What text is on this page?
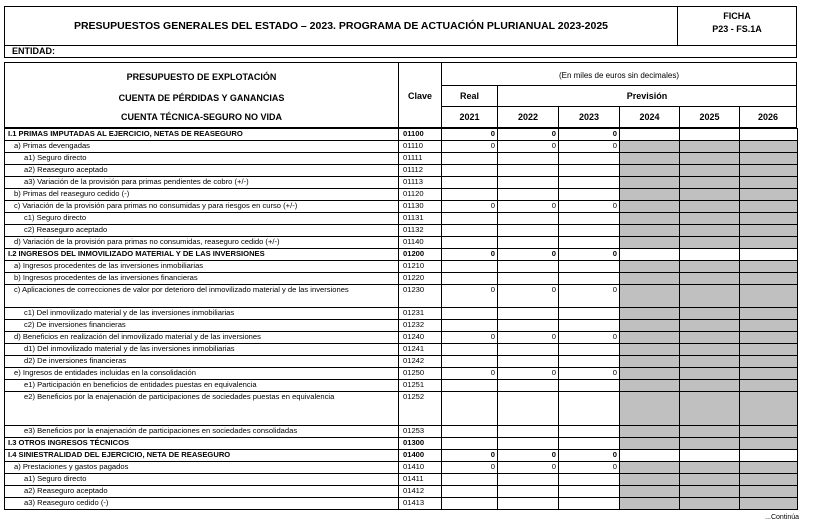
PRESUPUESTOS GENERALES DEL ESTADO – 2023. PROGRAMA DE ACTUACIÓN PLURIANUAL 2023-2025
FICHA
P23 - FS.1A
ENTIDAD:
PRESUPUESTO DE EXPLOTACIÓN
CUENTA DE PÉRDIDAS Y GANANCIAS
CUENTA TÉCNICA-SEGURO NO VIDA
Clave
(En miles de euros sin decimales)
Real	Previsión
2021	2022	2023	2024	2025	2026
I.1 PRIMAS IMPUTADAS AL EJERCICIO, NETAS DE REASEGURO	01100	0	0	0			
a) Primas devengadas	01110	0	0	0			
a1) Seguro directo	01111						
a2) Reaseguro aceptado	01112						
a3) Variación de la provisión para primas pendientes de cobro (+/-)	01113						
b) Primas del reaseguro cedido (-)	01120						
c) Variación de la provisión para primas no consumidas y para riesgos en curso (+/-)	01130	0	0	0			
c1) Seguro directo	01131						
c2) Reaseguro aceptado	01132						
d) Variación de la provisión para primas no consumidas, reaseguro cedido (+/-)	01140						
I.2 INGRESOS DEL INMOVILIZADO MATERIAL Y DE LAS INVERSIONES	01200	0	0	0			
a) Ingresos procedentes de las inversiones inmobiliarias	01210						
b) Ingresos procedentes de las inversiones financieras	01220						
c) Aplicaciones de correcciones de valor por deterioro del inmovilizado material y de las inversiones	01230	0	0	0			
c1) Del inmovilizado material y de las inversiones inmobiliarias	01231						
c2) De inversiones financieras	01232						
d) Beneficios en realización del inmovilizado material y de las inversiones	01240	0	0	0			
d1) Del inmovilizado material y de las inversiones inmobiliarias	01241						
d2) De inversiones financieras	01242						
e) Ingresos de entidades incluidas en la consolidación	01250	0	0	0			
e1) Participación en beneficios de entidades puestas en equivalencia	01251						
e2) Beneficios por la enajenación de participaciones de sociedades puestas en equivalencia	01252						
e3) Beneficios por la enajenación de participaciones en sociedades consolidadas	01253						
I.3 OTROS INGRESOS TÉCNICOS	01300						
I.4 SINIESTRALIDAD DEL EJERCICIO, NETA DE REASEGURO	01400	0	0	0			
a) Prestaciones y gastos pagados	01410	0	0	0			
a1) Seguro directo	01411						
a2) Reaseguro aceptado	01412						
a3) Reaseguro cedido (-)	01413						
...Continúa
